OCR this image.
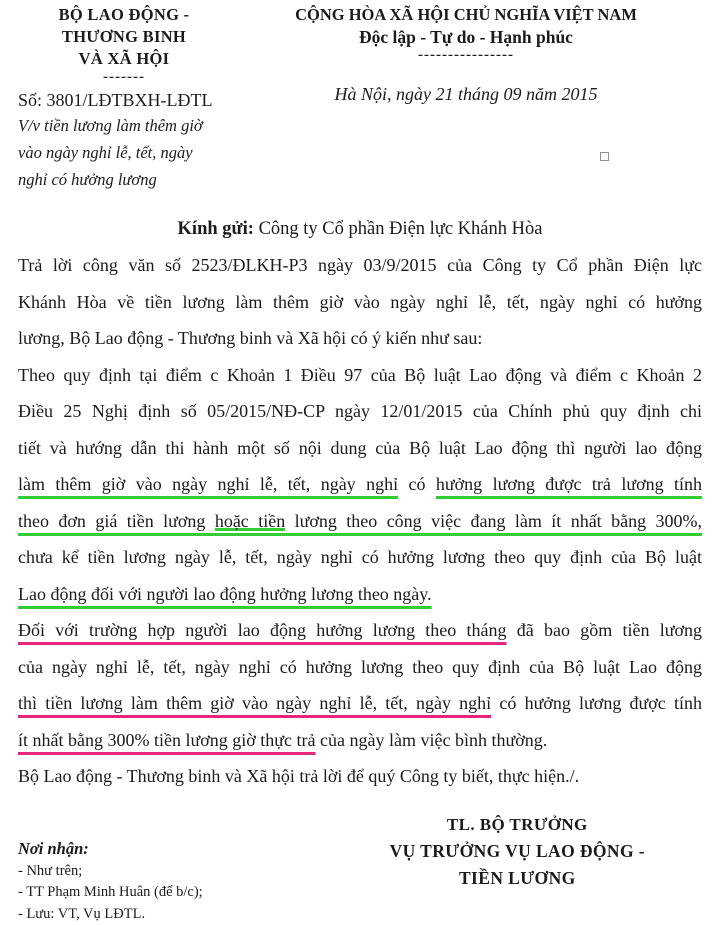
BỘ LAO ĐỘNG -
THƯƠNG BINH
VÀ XÃ HỘI
-------
Số: 3801/LĐTBXH-LĐTL
V/v tiền lương làm thêm giờ
vào ngày nghỉ lễ, tết, ngày
nghỉ có hưởng lương
CỘNG HÒA XÃ HỘI CHỦ NGHĨA VIỆT NAM
Độc lập - Tự do - Hạnh phúc
----------------
Hà Nội, ngày 21 tháng 09 năm 2015
Kính gửi: Công ty Cổ phần Điện lực Khánh Hòa
Trả lời công văn số 2523/ĐLKH-P3 ngày 03/9/2015 của Công ty Cổ phần Điện lực
Khánh Hòa về tiền lương làm thêm giờ vào ngày nghỉ lễ, tết, ngày nghỉ có hưởng
lương, Bộ Lao động - Thương binh và Xã hội có ý kiến như sau:
Theo quy định tại điểm c Khoản 1 Điều 97 của Bộ luật Lao động và điểm c Khoản 2
Điều 25 Nghị định số 05/2015/NĐ-CP ngày 12/01/2015 của Chính phủ quy định chi
tiết và hướng dẫn thi hành một số nội dung của Bộ luật Lao động thì người lao động
làm thêm giờ vào ngày nghỉ lễ, tết, ngày nghỉ có hưởng lương được trả lương tính
theo đơn giá tiền lương hoặc tiền lương theo công việc đang làm ít nhất bằng 300%,
chưa kể tiền lương ngày lễ, tết, ngày nghỉ có hưởng lương theo quy định của Bộ luật
Lao động đối với người lao động hưởng lương theo ngày.
Đối với trường hợp người lao động hưởng lương theo tháng đã bao gồm tiền lương
của ngày nghỉ lễ, tết, ngày nghỉ có hưởng lương theo quy định của Bộ luật Lao động
thì tiền lương làm thêm giờ vào ngày nghỉ lễ, tết, ngày nghỉ có hưởng lương được tính
ít nhất bằng 300% tiền lương giờ thực trả của ngày làm việc bình thường.
Bộ Lao động - Thương binh và Xã hội trả lời để quý Công ty biết, thực hiện./.
Nơi nhận:
- Như trên;
- TT Phạm Minh Huân (để b/c);
- Lưu: VT, Vụ LĐTL.
TL. BỘ TRƯỞNG
VỤ TRƯỞNG VỤ LAO ĐỘNG -
TIỀN LƯƠNG
